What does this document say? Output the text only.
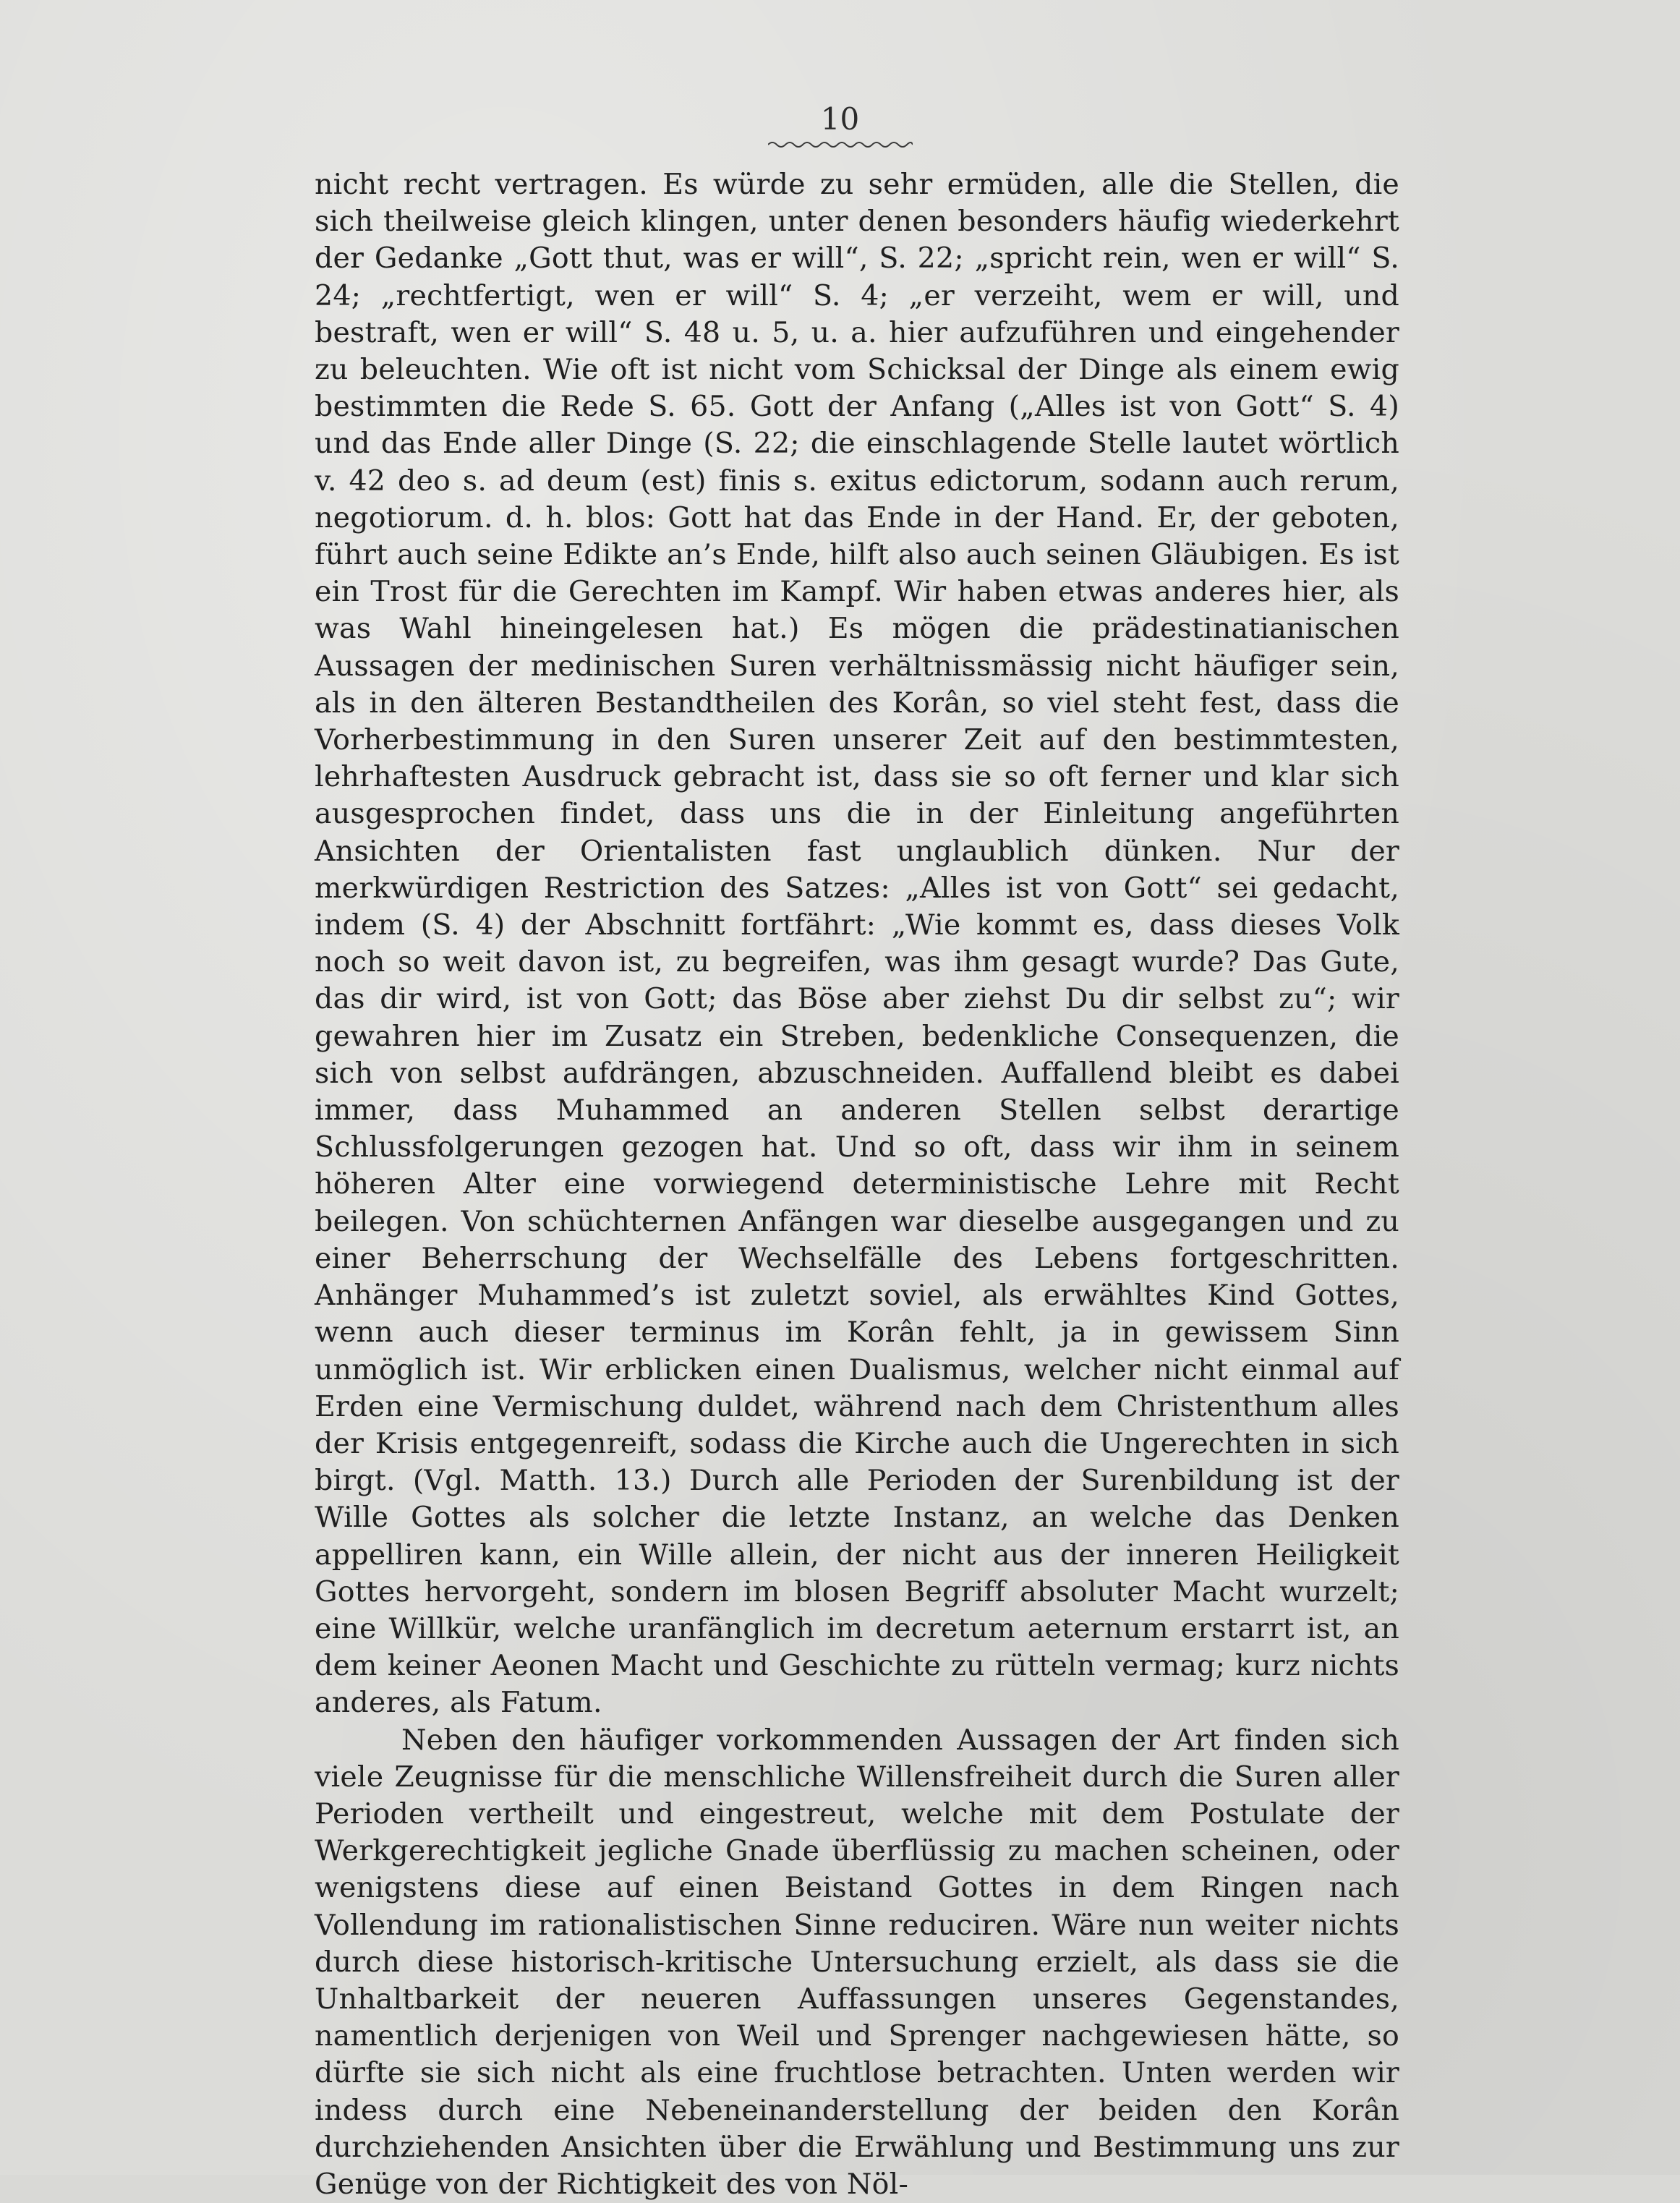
10

nicht recht vertragen. Es würde zu sehr ermüden, alle die Stellen, die sich theilweise gleich klingen, unter denen besonders häufig wiederkehrt der Gedanke „Gott thut, was er will“, S. 22; „spricht rein, wen er will“ S. 24; „rechtfertigt, wen er will“ S. 4; „er verzeiht, wem er will, und bestraft, wen er will“ S. 48 u. 5, u. a. hier aufzuführen und eingehender zu beleuchten. Wie oft ist nicht vom Schicksal der Dinge als einem ewig bestimmten die Rede S. 65. Gott der Anfang („Alles ist von Gott“ S. 4) und das Ende aller Dinge (S. 22; die einschlagende Stelle lautet wörtlich v. 42 deo s. ad deum (est) finis s. exitus edictorum, sodann auch rerum, negotiorum. d. h. blos: Gott hat das Ende in der Hand. Er, der geboten, führt auch seine Edikte an’s Ende, hilft also auch seinen Gläubigen. Es ist ein Trost für die Gerechten im Kampf. Wir haben etwas anderes hier, als was Wahl hineingelesen hat.) Es mögen die prädestinatianischen Aussagen der medinischen Suren verhältnissmässig nicht häufiger sein, als in den älteren Bestandtheilen des Korân, so viel steht fest, dass die Vorherbestimmung in den Suren unserer Zeit auf den bestimmtesten, lehrhaftesten Ausdruck gebracht ist, dass sie so oft ferner und klar sich ausgesprochen findet, dass uns die in der Einleitung angeführten Ansichten der Orientalisten fast unglaublich dünken. Nur der merkwürdigen Restriction des Satzes: „Alles ist von Gott“ sei gedacht, indem (S. 4) der Abschnitt fortfährt: „Wie kommt es, dass dieses Volk noch so weit davon ist, zu begreifen, was ihm gesagt wurde? Das Gute, das dir wird, ist von Gott; das Böse aber ziehst Du dir selbst zu“; wir gewahren hier im Zusatz ein Streben, bedenkliche Consequenzen, die sich von selbst aufdrängen, abzuschneiden. Auffallend bleibt es dabei immer, dass Muhammed an anderen Stellen selbst derartige Schlussfolgerungen gezogen hat. Und so oft, dass wir ihm in seinem höheren Alter eine vorwiegend deterministische Lehre mit Recht beilegen. Von schüchternen Anfängen war dieselbe ausgegangen und zu einer Beherrschung der Wechselfälle des Lebens fortgeschritten. Anhänger Muhammed’s ist zuletzt soviel, als erwähltes Kind Gottes, wenn auch dieser terminus im Korân fehlt, ja in gewissem Sinn unmöglich ist. Wir erblicken einen Dualismus, welcher nicht einmal auf Erden eine Vermischung duldet, während nach dem Christenthum alles der Krisis entgegenreift, sodass die Kirche auch die Ungerechten in sich birgt. (Vgl. Matth. 13.) Durch alle Perioden der Surenbildung ist der Wille Gottes als solcher die letzte Instanz, an welche das Denken appelliren kann, ein Wille allein, der nicht aus der inneren Heiligkeit Gottes hervorgeht, sondern im blosen Begriff absoluter Macht wurzelt; eine Willkür, welche uranfänglich im decretum aeternum erstarrt ist, an dem keiner Aeonen Macht und Geschichte zu rütteln vermag; kurz nichts anderes, als Fatum.

Neben den häufiger vorkommenden Aussagen der Art finden sich viele Zeugnisse für die menschliche Willensfreiheit durch die Suren aller Perioden vertheilt und eingestreut, welche mit dem Postulate der Werkgerechtigkeit jegliche Gnade überflüssig zu machen scheinen, oder wenigstens diese auf einen Beistand Gottes in dem Ringen nach Vollendung im rationalistischen Sinne reduciren. Wäre nun weiter nichts durch diese historisch-kritische Untersuchung erzielt, als dass sie die Unhaltbarkeit der neueren Auffassungen unseres Gegenstandes, namentlich derjenigen von Weil und Sprenger nachgewiesen hätte, so dürfte sie sich nicht als eine fruchtlose betrachten. Unten werden wir indess durch eine Nebeneinanderstellung der beiden den Korân durchziehenden Ansichten über die Erwählung und Bestimmung uns zur Genüge von der Richtigkeit des von Nöl-
